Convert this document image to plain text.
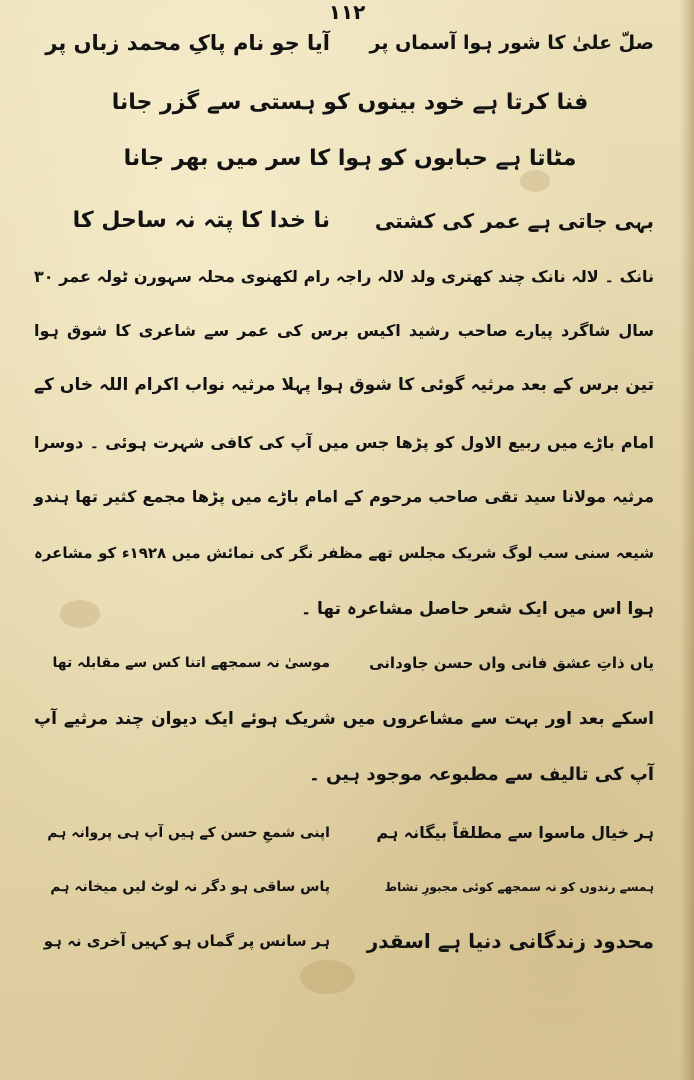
۱۱۲
صلّ علیٰ کا شور ہوا آسماں پر
آیا جو نام پاکِ محمد زباں پر
فنا کرتا ہے خود بینوں کو ہستی سے گزر جانا
مٹاتا ہے حبابوں کو ہوا کا سر میں بھر جانا
بہی جاتی ہے عمر کی کشتی
نا خدا کا پتہ نہ ساحل کا
نانک ۔ لالہ نانک چند کھتری ولد لالہ راجہ رام لکھنوی محلہ سہورن ٹولہ عمر ۳۰
سال شاگرد پیارے صاحب رشید اکیس برس کی عمر سے شاعری کا شوق ہوا
تین برس کے بعد مرثیہ گوئی کا شوق ہوا پہلا مرثیہ نواب اکرام اللہ خاں کے
امام باڑے میں ربیع الاول کو پڑھا جس میں آپ کی کافی شہرت ہوئی ۔ دوسرا
مرثیہ مولانا سید تقی صاحب مرحوم کے امام باڑے میں پڑھا مجمع کثیر تھا ہندو
شیعہ سنی سب لوگ شریک مجلس تھے مظفر نگر کی نمائش میں ۱۹۲۸ء کو مشاعرہ
ہوا اس میں ایک شعر حاصل مشاعرہ تھا ۔
یاں ذاتِ عشق فانی واں حسن جاودانی
موسیٰ نہ سمجھے اتنا کس سے مقابلہ تھا
اسکے بعد اور بہت سے مشاعروں میں شریک ہوئے ایک دیوان چند مرثیے آپ
آپ کی تالیف سے مطبوعہ موجود ہیں ۔
ہر خیال ماسوا سے مطلقاً بیگانہ ہم
اپنی شمعِ حسن کے ہیں آپ ہی پروانہ ہم
ہمسے رندوں کو نہ سمجھے کوئی مجبورِ نشاط
پاس ساقی ہو دگر نہ لوٹ لیں میخانہ ہم
محدود زندگانی دنیا ہے اسقدر
ہر سانس پر گماں ہو کہیں آخری نہ ہو
